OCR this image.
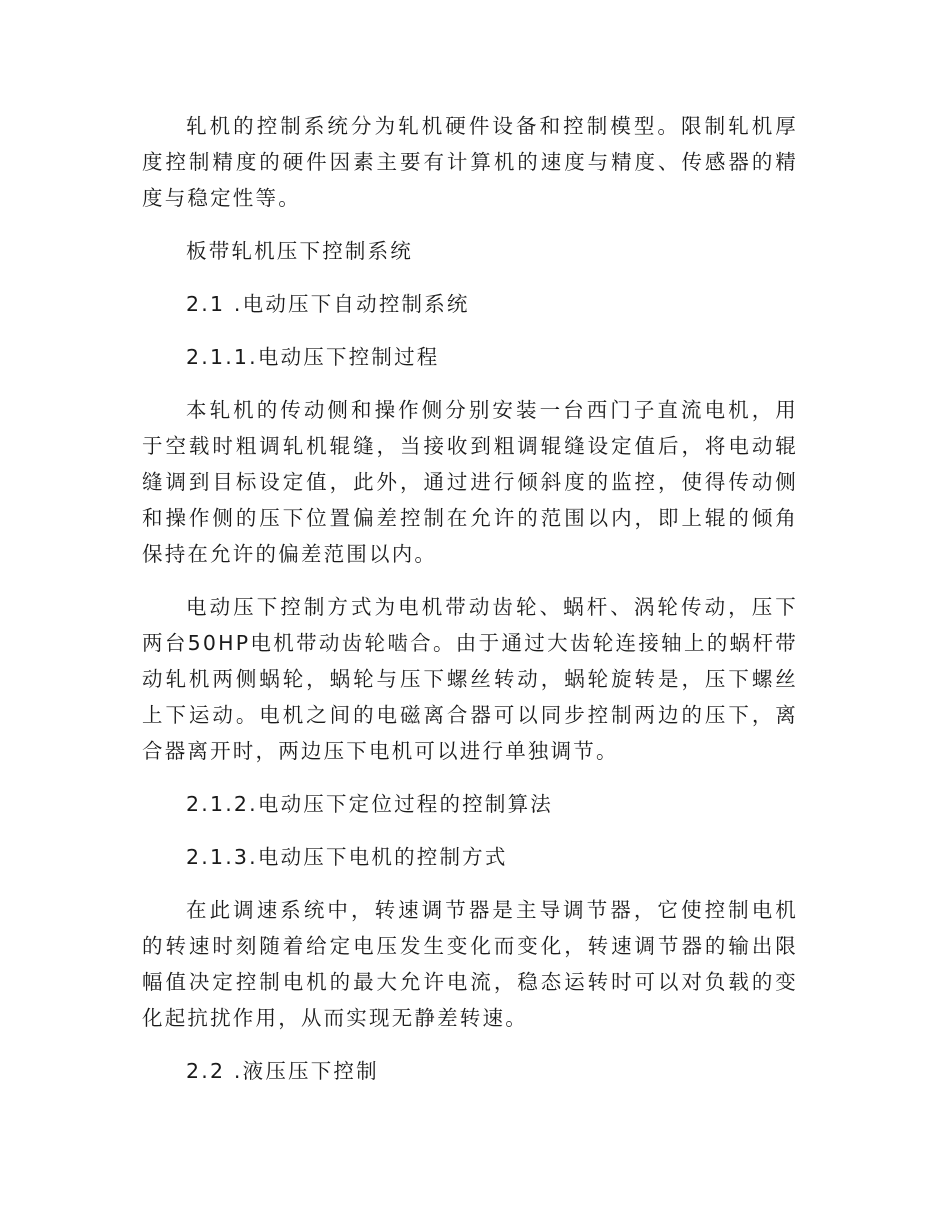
轧机的控制系统分为轧机硬件设备和控制模型。限制轧机厚度控制精度的硬件因素主要有计算机的速度与精度、传感器的精度与稳定性等。

板带轧机压下控制系统

2.1 .电动压下自动控制系统

2.1.1.电动压下控制过程

本轧机的传动侧和操作侧分别安装一台西门子直流电机，用于空载时粗调轧机辊缝，当接收到粗调辊缝设定值后，将电动辊缝调到目标设定值，此外，通过进行倾斜度的监控，使得传动侧和操作侧的压下位置偏差控制在允许的范围以内，即上辊的倾角保持在允许的偏差范围以内。

电动压下控制方式为电机带动齿轮、蜗杆、涡轮传动，压下两台50HP电机带动齿轮啮合。由于通过大齿轮连接轴上的蜗杆带动轧机两侧蜗轮，蜗轮与压下螺丝转动，蜗轮旋转是，压下螺丝上下运动。电机之间的电磁离合器可以同步控制两边的压下，离合器离开时，两边压下电机可以进行单独调节。

2.1.2.电动压下定位过程的控制算法

2.1.3.电动压下电机的控制方式

在此调速系统中，转速调节器是主导调节器，它使控制电机的转速时刻随着给定电压发生变化而变化，转速调节器的输出限幅值决定控制电机的最大允许电流，稳态运转时可以对负载的变化起抗扰作用，从而实现无静差转速。

2.2 .液压压下控制
